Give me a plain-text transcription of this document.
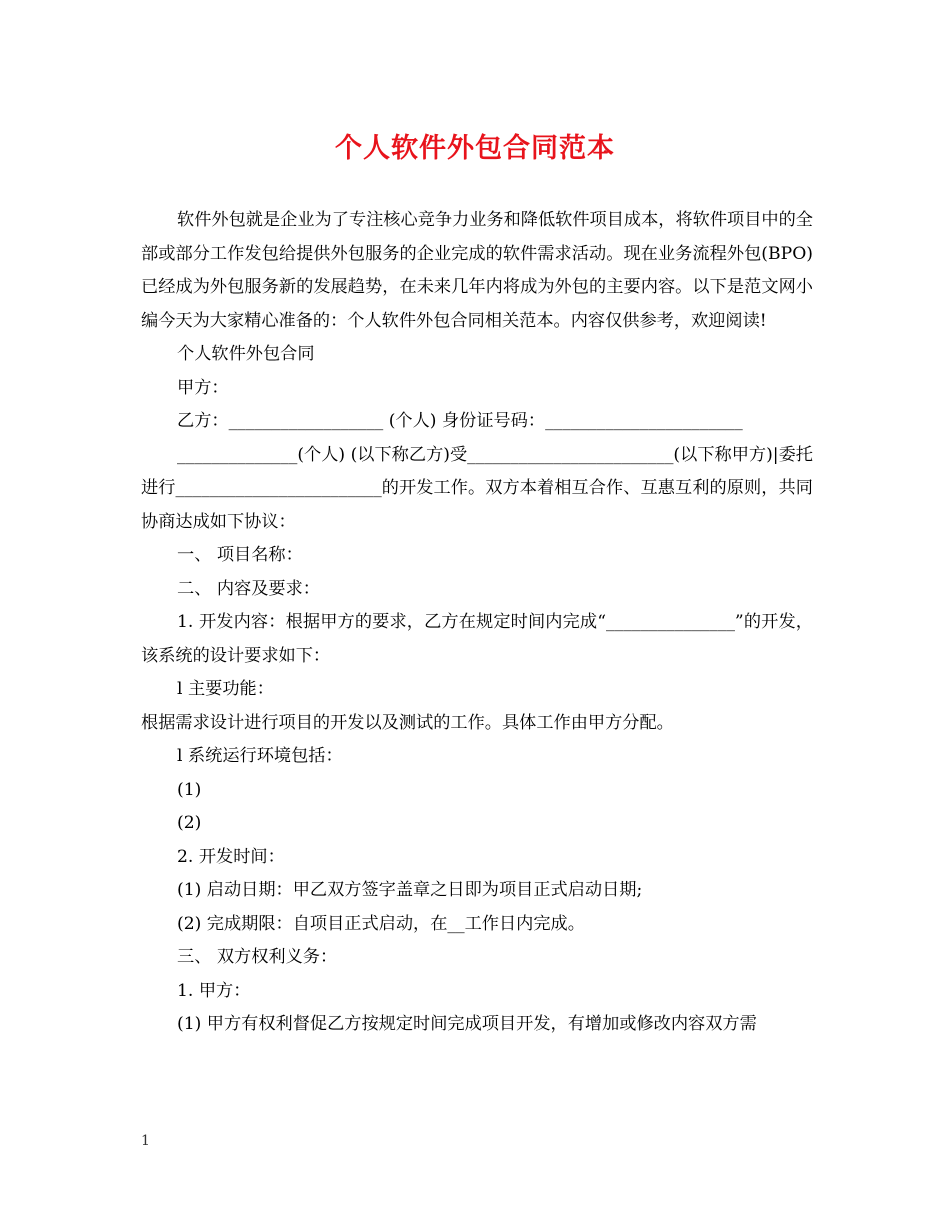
个人软件外包合同范本

软件外包就是企业为了专注核心竞争力业务和降低软件项目成本，将软件项目中的全部或部分工作发包给提供外包服务的企业完成的软件需求活动。现在业务流程外包(BPO)已经成为外包服务新的发展趋势，在未来几年内将成为外包的主要内容。以下是范文网小编今天为大家精心准备的：个人软件外包合同相关范本。内容仅供参考，欢迎阅读!

个人软件外包合同

甲方：

乙方：__________________ (个人) 身份证号码：_______________________

______________(个人) (以下称乙方)受________________________(以下称甲方)|委托进行________________________的开发工作。双方本着相互合作、互惠互利的原则，共同协商达成如下协议：

一、 项目名称：

二、 内容及要求：

1. 开发内容：根据甲方的要求，乙方在规定时间内完成“_______________”的开发，该系统的设计要求如下：

l 主要功能：

根据需求设计进行项目的开发以及测试的工作。具体工作由甲方分配。

l 系统运行环境包括：

(1)

(2)

2. 开发时间：

(1) 启动日期：甲乙双方签字盖章之日即为项目正式启动日期;

(2) 完成期限：自项目正式启动，在__工作日内完成。

三、 双方权利义务：

1. 甲方：

(1) 甲方有权利督促乙方按规定时间完成项目开发，有增加或修改内容双方需

1
